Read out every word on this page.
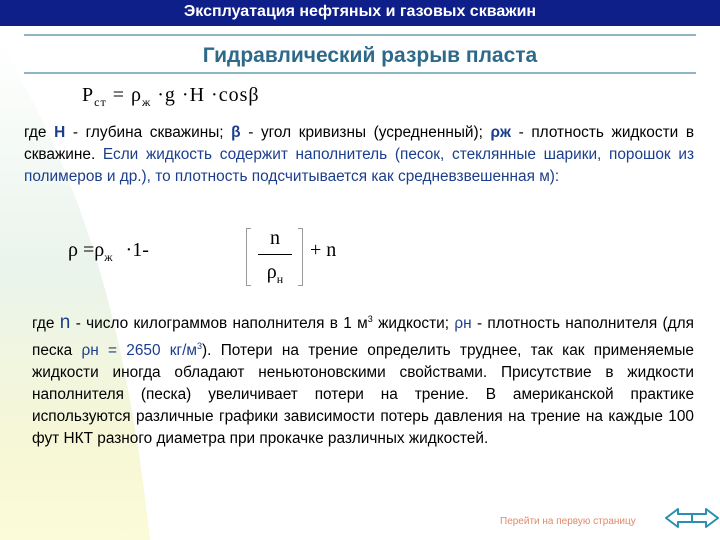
Эксплуатация нефтяных и газовых скважин
Гидравлический разрыв пласта
$P_{ст} = \rho_ж \cdot g \cdot H \cdot\cos\beta$
где Н - глубина скважины; β - угол кривизны (усредненный); ρж - плотность жидкости в скважине. Если жидкость содержит наполнитель (песок, стеклянные шарики, порошок из полимеров и др.), то плотность подсчитывается как средневзвешенная м):
$\rho =\rho_ж \cdot 1-$
n
$\rho_н$
+ n
где n - число килограммов наполнителя в 1 $м^3$ жидкости; ρн - плотность наполнителя (для песка ρн = 2650 $кг/м^3$). Потери на трение определить труднее, так как применяемые жидкости иногда обладают неньютоновскими свойствами. Присутствие в жидкости наполнителя (песка) увеличивает потери на трение. В американской практике используются различные графики зависимости потерь давления на трение на каждые 100 фут НКТ разного диаметра при прокачке различных жидкостей.
Перейти на первую страницу
